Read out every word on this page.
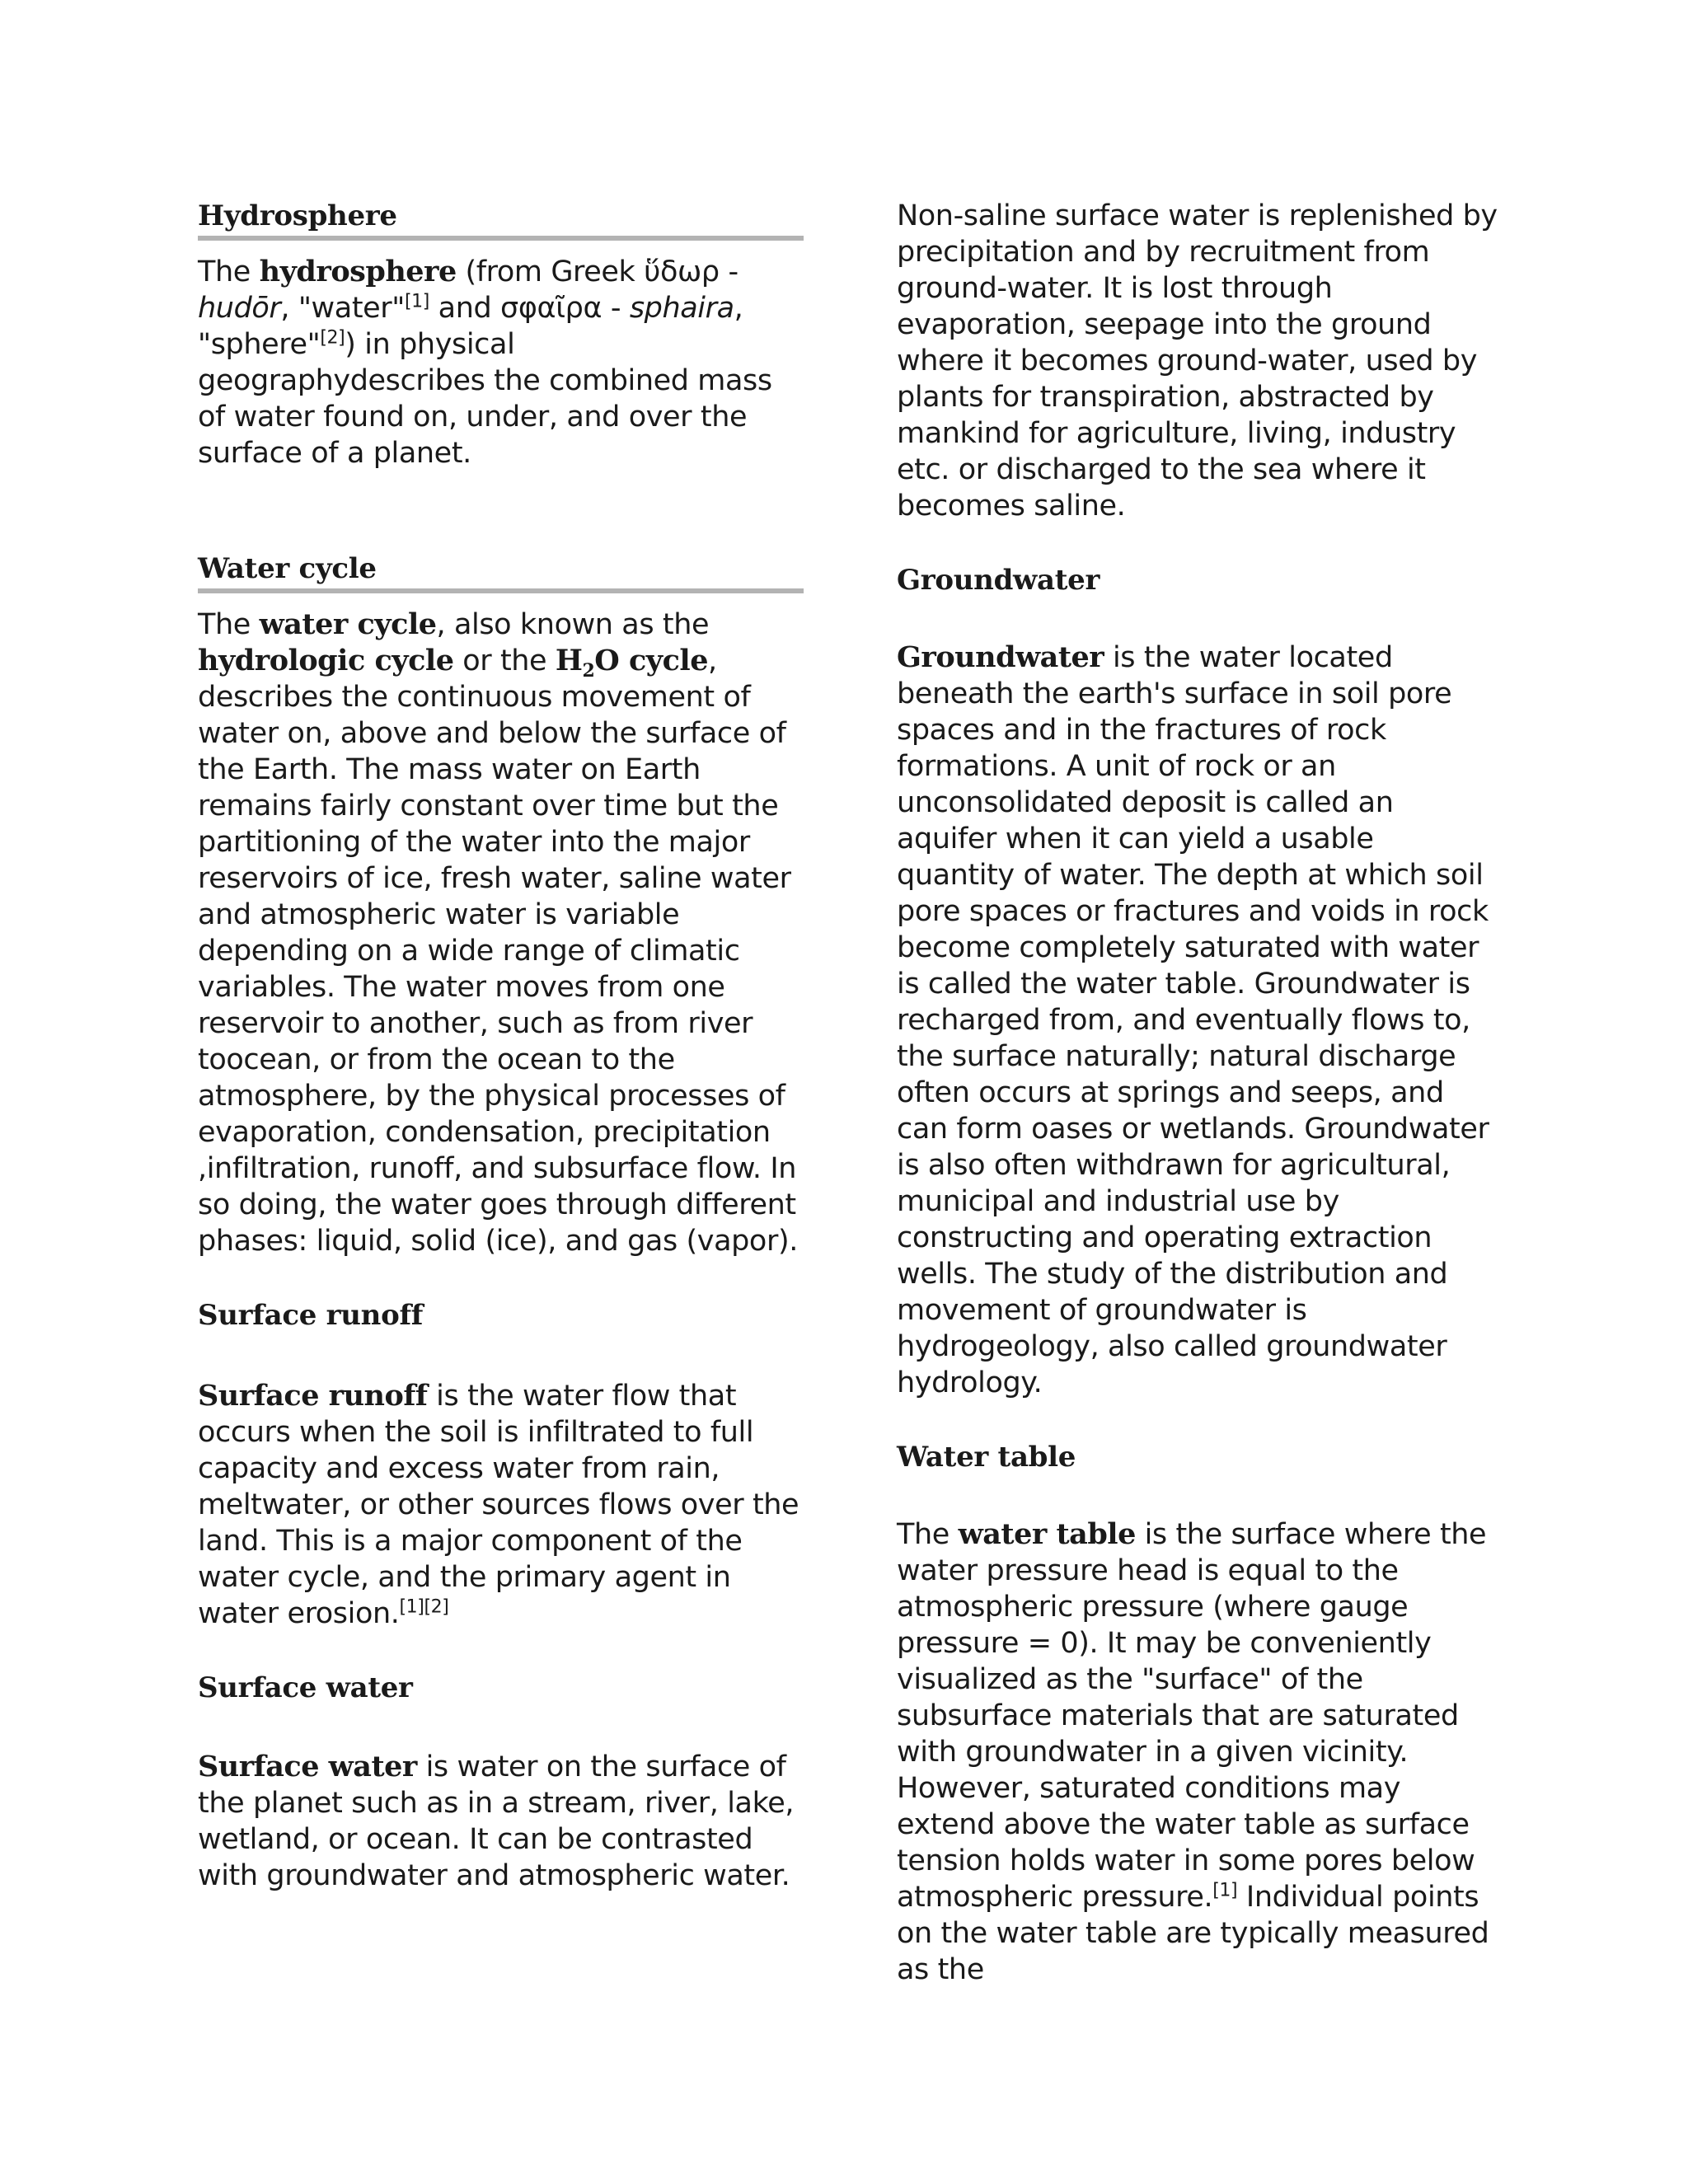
Hydrosphere

The hydrosphere (from Greek ὕδωρ - hudōr, "water"[1] and σφαῖρα - sphaira, "sphere"[2]) in physical geographydescribes the combined mass of water found on, under, and over the surface of a planet.

Water cycle

The water cycle, also known as the hydrologic cycle or the $H_2O$ cycle, describes the continuous movement of water on, above and below the surface of the Earth. The mass water on Earth remains fairly constant over time but the partitioning of the water into the major reservoirs of ice, fresh water, saline water and atmospheric water is variable depending on a wide range of climatic variables. The water moves from one reservoir to another, such as from river toocean, or from the ocean to the atmosphere, by the physical processes of evaporation, condensation, precipitation ,infiltration, runoff, and subsurface flow. In so doing, the water goes through different phases: liquid, solid (ice), and gas (vapor).

Surface runoff

Surface runoff is the water flow that occurs when the soil is infiltrated to full capacity and excess water from rain, meltwater, or other sources flows over the land. This is a major component of the water cycle, and the primary agent in water erosion.[1][2]

Surface water

Surface water is water on the surface of the planet such as in a stream, river, lake, wetland, or ocean. It can be contrasted with groundwater and atmospheric water.

Non-saline surface water is replenished by precipitation and by recruitment from ground-water. It is lost through evaporation, seepage into the ground where it becomes ground-water, used by plants for transpiration, abstracted by mankind for agriculture, living, industry etc. or discharged to the sea where it becomes saline.

Groundwater

Groundwater is the water located beneath the earth's surface in soil pore spaces and in the fractures of rock formations. A unit of rock or an unconsolidated deposit is called an aquifer when it can yield a usable quantity of water. The depth at which soil pore spaces or fractures and voids in rock become completely saturated with water is called the water table. Groundwater is recharged from, and eventually flows to, the surface naturally; natural discharge often occurs at springs and seeps, and can form oases or wetlands. Groundwater is also often withdrawn for agricultural, municipal and industrial use by constructing and operating extraction wells. The study of the distribution and movement of groundwater is hydrogeology, also called groundwater hydrology.

Water table

The water table is the surface where the water pressure head is equal to the atmospheric pressure (where gauge pressure = 0). It may be conveniently visualized as the "surface" of the subsurface materials that are saturated with groundwater in a given vicinity. However, saturated conditions may extend above the water table as surface tension holds water in some pores below atmospheric pressure.[1] Individual points on the water table are typically measured as the
